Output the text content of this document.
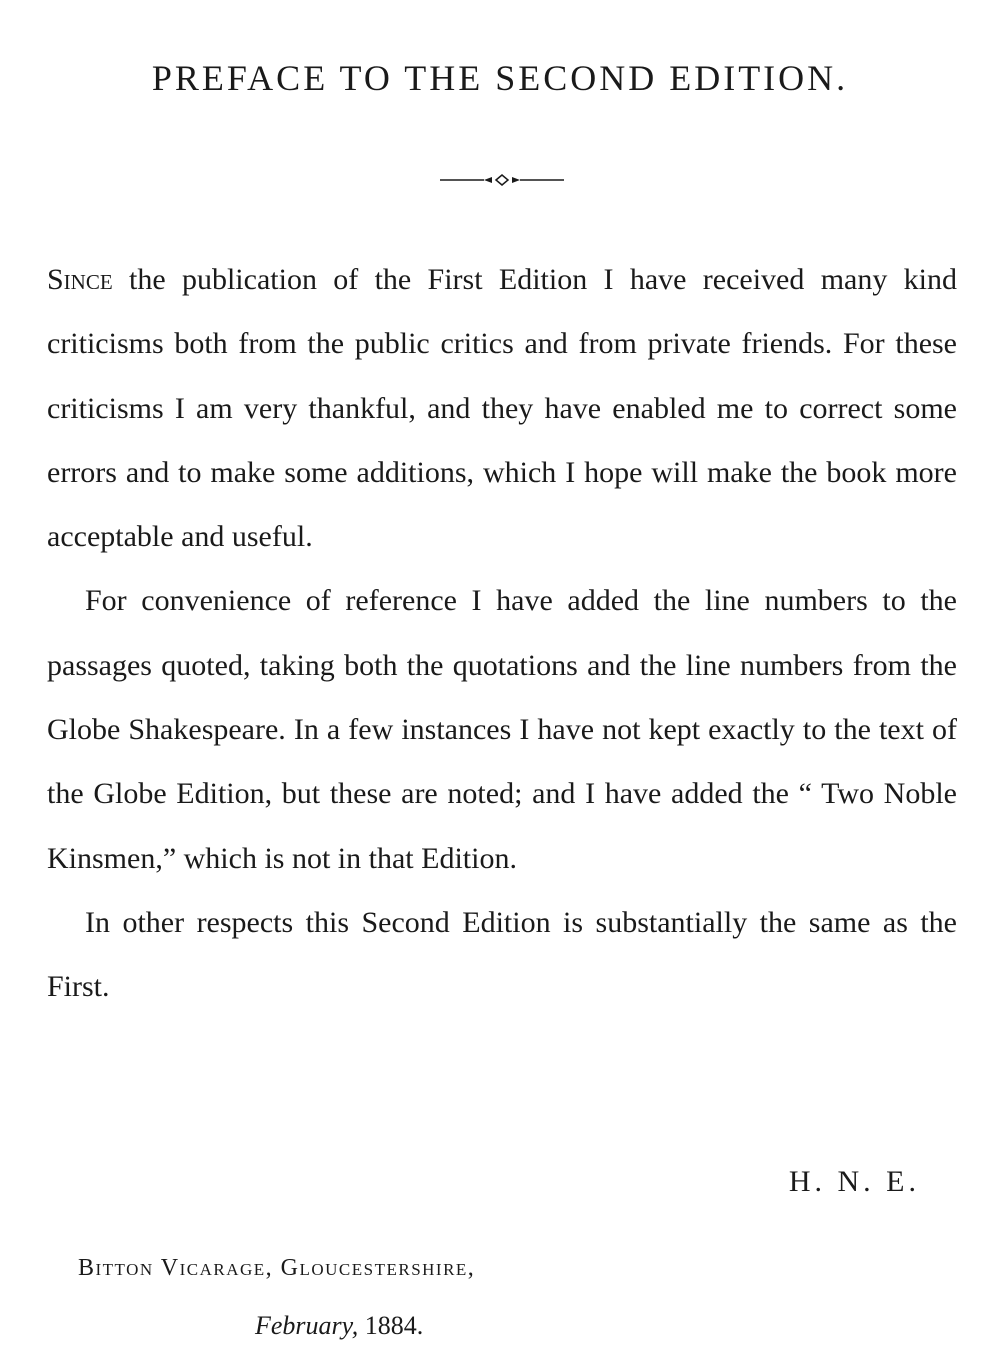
PREFACE TO THE SECOND EDITION.

Since the publication of the First Edition I have received many kind criticisms both from the public critics and from private friends. For these criticisms I am very thankful, and they have enabled me to correct some errors and to make some additions, which I hope will make the book more acceptable and useful.

For convenience of reference I have added the line numbers to the passages quoted, taking both the quotations and the line numbers from the Globe Shakespeare. In a few instances I have not kept exactly to the text of the Globe Edition, but these are noted; and I have added the “ Two Noble Kinsmen,” which is not in that Edition.

In other respects this Second Edition is substantially the same as the First.

H. N. E.
Bitton Vicarage, Gloucestershire,
February, 1884.
